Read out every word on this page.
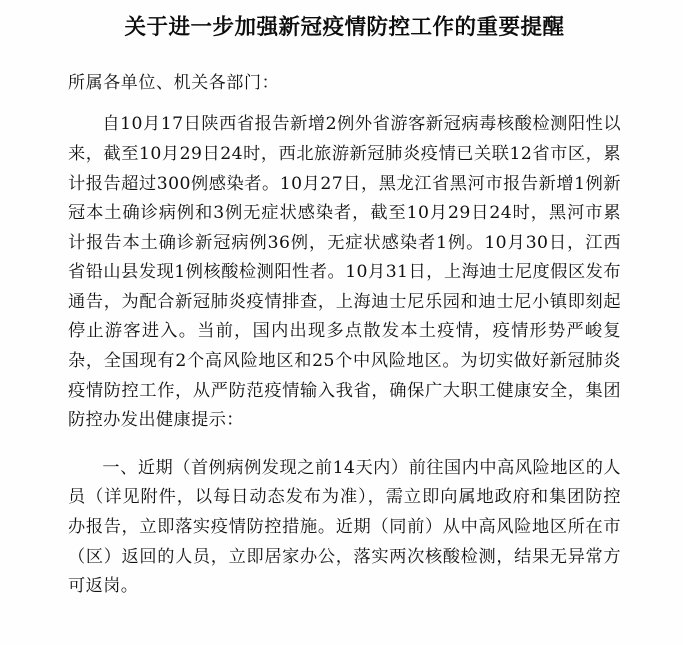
关于进一步加强新冠疫情防控工作的重要提醒

所属各单位、机关各部门：

自10月17日陕西省报告新增2例外省游客新冠病毒核酸检测阳性以来，截至10月29日24时，西北旅游新冠肺炎疫情已关联12省市区，累计报告超过300例感染者。10月27日，黑龙江省黑河市报告新增1例新冠本土确诊病例和3例无症状感染者，截至10月29日24时，黑河市累计报告本土确诊新冠病例36例，无症状感染者1例。10月30日，江西省铅山县发现1例核酸检测阳性者。10月31日，上海迪士尼度假区发布通告，为配合新冠肺炎疫情排查，上海迪士尼乐园和迪士尼小镇即刻起停止游客进入。当前，国内出现多点散发本土疫情，疫情形势严峻复杂，全国现有2个高风险地区和25个中风险地区。为切实做好新冠肺炎疫情防控工作，从严防范疫情输入我省，确保广大职工健康安全，集团防控办发出健康提示：

一、近期（首例病例发现之前14天内）前往国内中高风险地区的人员（详见附件，以每日动态发布为准），需立即向属地政府和集团防控办报告，立即落实疫情防控措施。近期（同前）从中高风险地区所在市（区）返回的人员，立即居家办公，落实两次核酸检测，结果无异常方可返岗。
